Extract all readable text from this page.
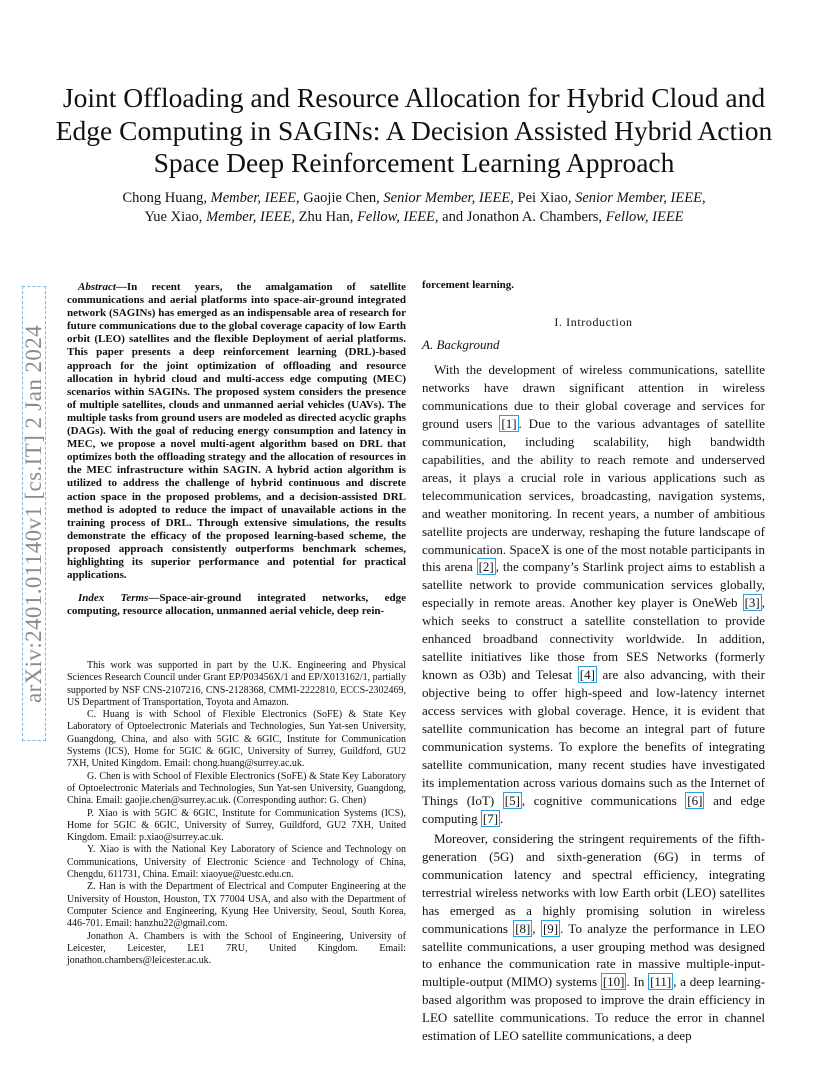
Joint Offloading and Resource Allocation for Hybrid Cloud and Edge Computing in SAGINs: A Decision Assisted Hybrid Action Space Deep Reinforcement Learning Approach
Chong Huang, Member, IEEE, Gaojie Chen, Senior Member, IEEE, Pei Xiao, Senior Member, IEEE,
Yue Xiao, Member, IEEE, Zhu Han, Fellow, IEEE, and Jonathon A. Chambers, Fellow, IEEE
arXiv:2401.01140v1 [cs.IT] 2 Jan 2024
Abstract—In recent years, the amalgamation of satellite communications and aerial platforms into space-air-ground integrated network (SAGINs) has emerged as an indispensable area of research for future communications due to the global coverage capacity of low Earth orbit (LEO) satellites and the flexible Deployment of aerial platforms. This paper presents a deep reinforcement learning (DRL)-based approach for the joint optimization of offloading and resource allocation in hybrid cloud and multi-access edge computing (MEC) scenarios within SAGINs. The proposed system considers the presence of multiple satellites, clouds and unmanned aerial vehicles (UAVs). The multiple tasks from ground users are modeled as directed acyclic graphs (DAGs). With the goal of reducing energy consumption and latency in MEC, we propose a novel multi-agent algorithm based on DRL that optimizes both the offloading strategy and the allocation of resources in the MEC infrastructure within SAGIN. A hybrid action algorithm is utilized to address the challenge of hybrid continuous and discrete action space in the proposed problems, and a decision-assisted DRL method is adopted to reduce the impact of unavailable actions in the training process of DRL. Through extensive simulations, the results demonstrate the efficacy of the proposed learning-based scheme, the proposed approach consistently outperforms benchmark schemes, highlighting its superior performance and potential for practical applications.
Index Terms—Space-air-ground integrated networks, edge computing, resource allocation, unmanned aerial vehicle, deep rein-

This work was supported in part by the U.K. Engineering and Physical Sciences Research Council under Grant EP/P03456X/1 and EP/X013162/1, partially supported by NSF CNS-2107216, CNS-2128368, CMMI-2222810, ECCS-2302469, US Department of Transportation, Toyota and Amazon.

C. Huang is with School of Flexible Electronics (SoFE) & State Key Laboratory of Optoelectronic Materials and Technologies, Sun Yat-sen University, Guangdong, China, and also with 5GIC & 6GIC, Institute for Communication Systems (ICS), Home for 5GIC & 6GIC, University of Surrey, Guildford, GU2 7XH, United Kingdom. Email: chong.huang@surrey.ac.uk.

G. Chen is with School of Flexible Electronics (SoFE) & State Key Laboratory of Optoelectronic Materials and Technologies, Sun Yat-sen University, Guangdong, China. Email: gaojie.chen@surrey.ac.uk. (Corresponding author: G. Chen)

P. Xiao is with 5GIC & 6GIC, Institute for Communication Systems (ICS), Home for 5GIC & 6GIC, University of Surrey, Guildford, GU2 7XH, United Kingdom. Email: p.xiao@surrey.ac.uk.

Y. Xiao is with the National Key Laboratory of Science and Technology on Communications, University of Electronic Science and Technology of China, Chengdu, 611731, China. Email: xiaoyue@uestc.edu.cn.

Z. Han is with the Department of Electrical and Computer Engineering at the University of Houston, Houston, TX 77004 USA, and also with the Department of Computer Science and Engineering, Kyung Hee University, Seoul, South Korea, 446-701. Email: hanzhu22@gmail.com.

Jonathon A. Chambers is with the School of Engineering, University of Leicester, Leicester, LE1 7RU, United Kingdom. Email: jonathon.chambers@leicester.ac.uk.

forcement learning.
I. Introduction
A. Background

With the development of wireless communications, satellite networks have drawn significant attention in wireless communications due to their global coverage and services for ground users [1] . Due to the various advantages of satellite communication, including scalability, high bandwidth capabilities, and the ability to reach remote and underserved areas, it plays a crucial role in various applications such as telecommunication services, broadcasting, navigation systems, and weather monitoring. In recent years, a number of ambitious satellite projects are underway, reshaping the future landscape of communication. SpaceX is one of the most notable participants in this arena [2] , the company’s Starlink project aims to establish a satellite network to provide communication services globally, especially in remote areas. Another key player is OneWeb [3] , which seeks to construct a satellite constellation to provide enhanced broadband connectivity worldwide. In addition, satellite initiatives like those from SES Networks (formerly known as O3b) and Telesat [4] are also advancing, with their objective being to offer high-speed and low-latency internet access services with global coverage. Hence, it is evident that satellite communication has become an integral part of future communication systems. To explore the benefits of integrating satellite communication, many recent studies have investigated its implementation across various domains such as the Internet of Things (IoT) [5] , cognitive communications [6] and edge computing [7] .

Moreover, considering the stringent requirements of the fifth-generation (5G) and sixth-generation (6G) in terms of communication latency and spectral efficiency, integrating terrestrial wireless networks with low Earth orbit (LEO) satellites has emerged as a highly promising solution in wireless communications [8] , [9] . To analyze the performance in LEO satellite communications, a user grouping method was designed to enhance the communication rate in massive multiple-input-multiple-output (MIMO) systems [10] . In [11] , a deep learning-based algorithm was proposed to improve the drain efficiency in LEO satellite communications. To reduce the error in channel estimation of LEO satellite communications, a deep
